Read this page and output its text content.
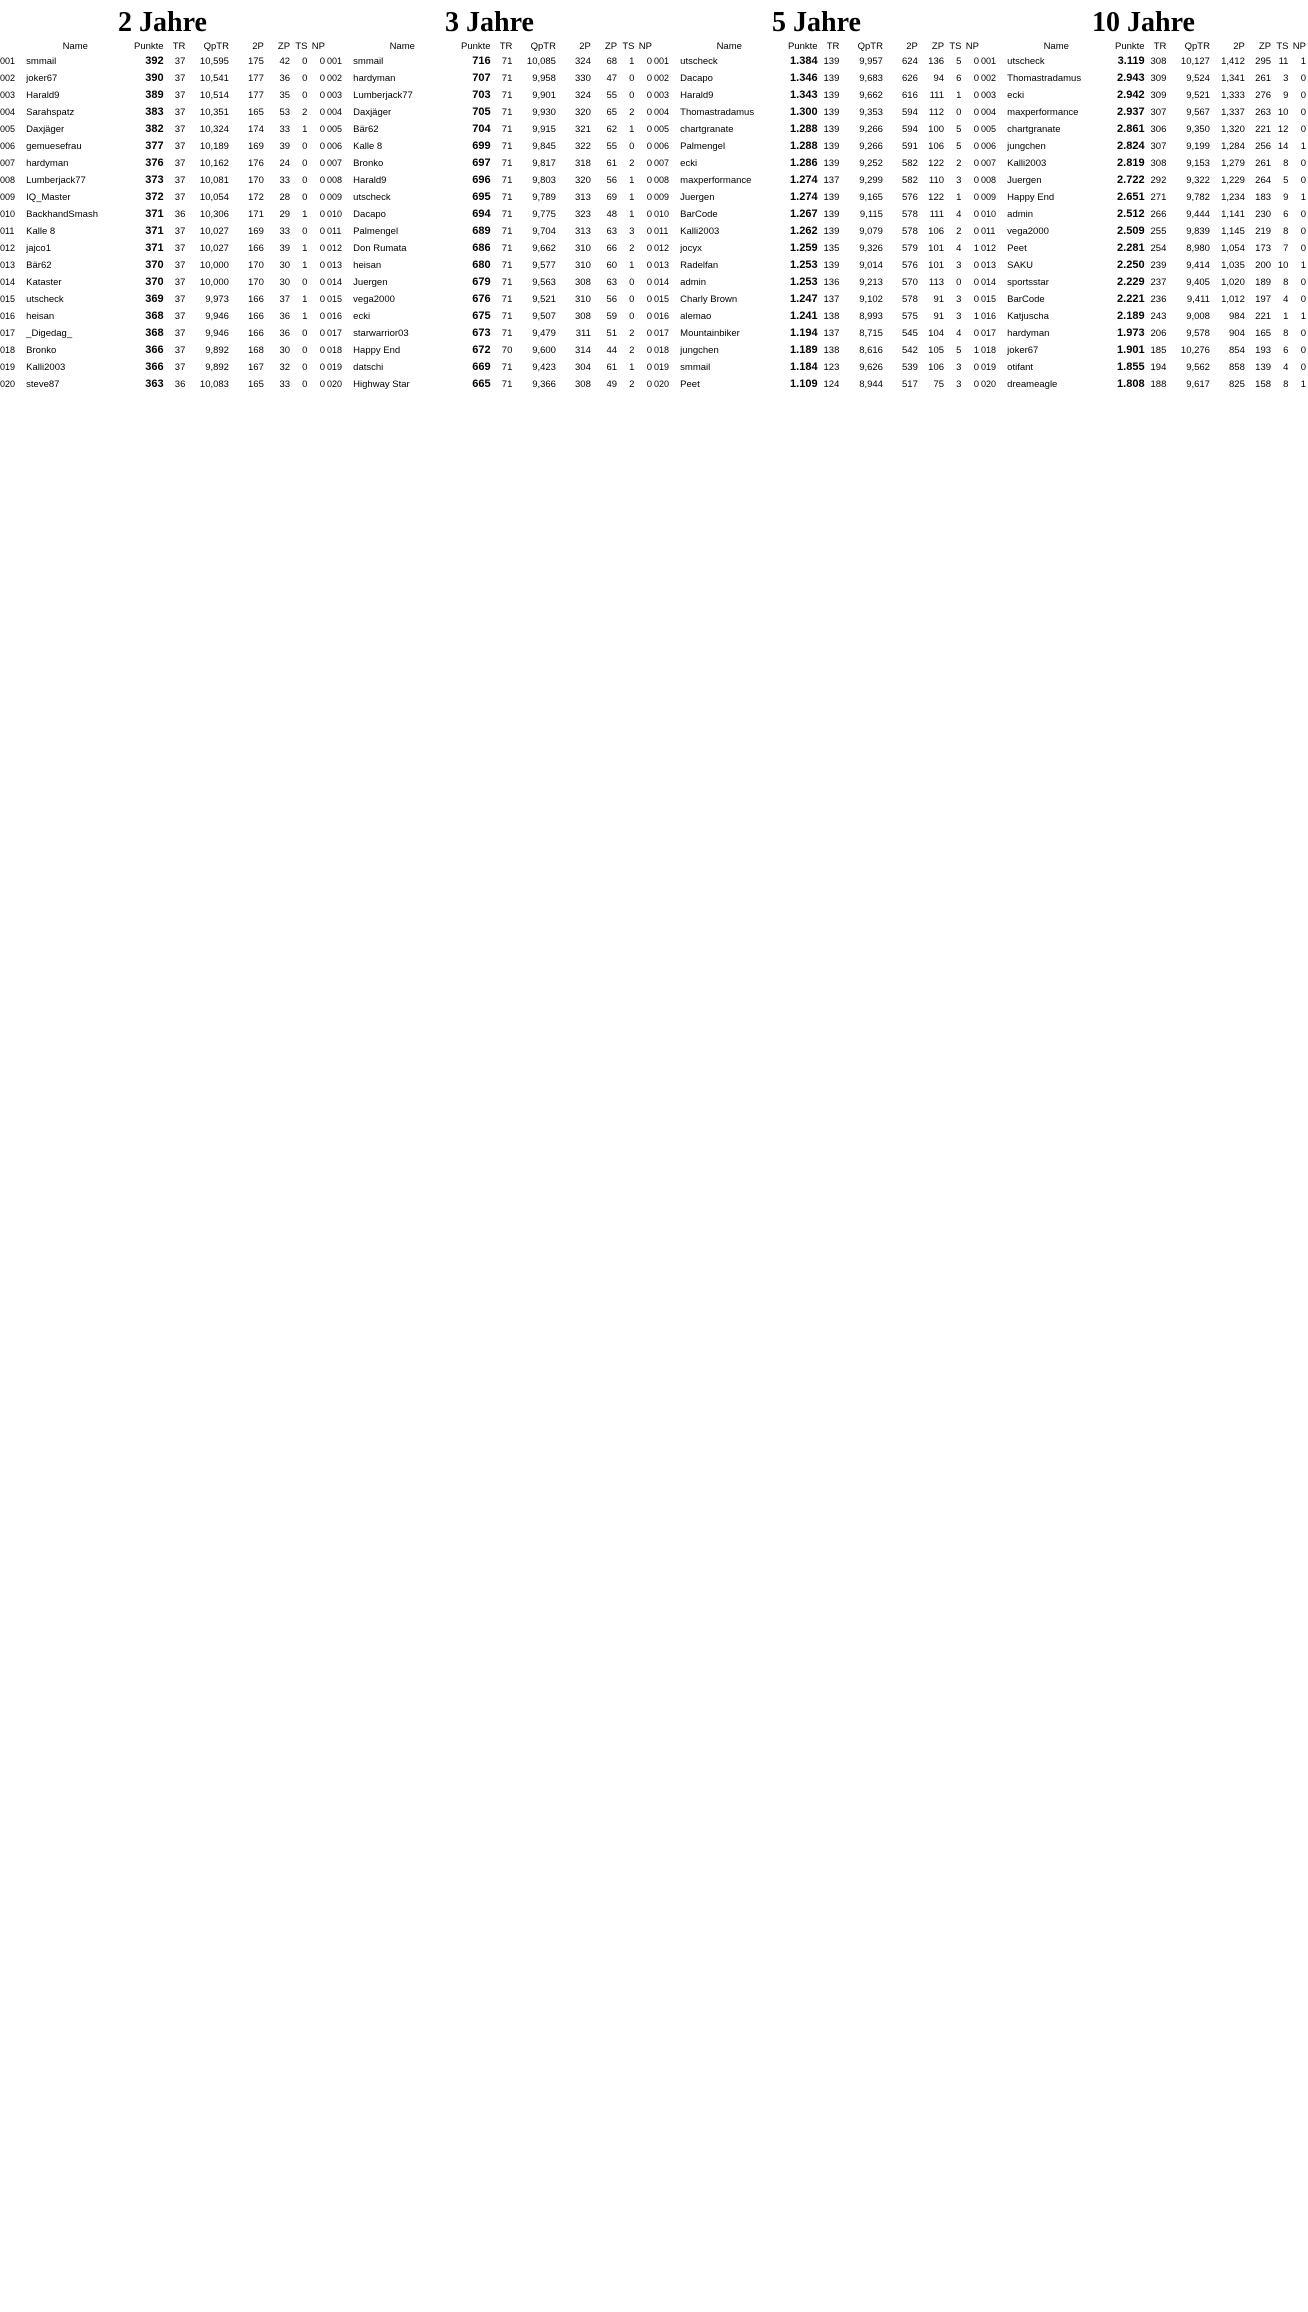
2 Jahre
	Name	Punkte	TR	QpTR	2P	ZP	TS	NP
001	smmail	392	37	10,595	175	42	0	0
002	joker67	390	37	10,541	177	36	0	0
003	Harald9	389	37	10,514	177	35	0	0
004	Sarahspatz	383	37	10,351	165	53	2	0
005	Daxjäger	382	37	10,324	174	33	1	0
006	gemuesefrau	377	37	10,189	169	39	0	0
007	hardyman	376	37	10,162	176	24	0	0
008	Lumberjack77	373	37	10,081	170	33	0	0
009	IQ_Master	372	37	10,054	172	28	0	0
010	BackhandSmash	371	36	10,306	171	29	1	0
011	Kalle 8	371	37	10,027	169	33	0	0
012	jajco1	371	37	10,027	166	39	1	0
013	Bär62	370	37	10,000	170	30	1	0
014	Kataster	370	37	10,000	170	30	0	0
015	utscheck	369	37	9,973	166	37	1	0
016	heisan	368	37	9,946	166	36	1	0
017	_Digedag_	368	37	9,946	166	36	0	0
018	Bronko	366	37	9,892	168	30	0	0
019	Kalli2003	366	37	9,892	167	32	0	0
020	steve87	363	36	10,083	165	33	0	0
3 Jahre
	Name	Punkte	TR	QpTR	2P	ZP	TS	NP
001	smmail	716	71	10,085	324	68	1	0
002	hardyman	707	71	9,958	330	47	0	0
003	Lumberjack77	703	71	9,901	324	55	0	0
004	Daxjäger	705	71	9,930	320	65	2	0
005	Bär62	704	71	9,915	321	62	1	0
006	Kalle 8	699	71	9,845	322	55	0	0
007	Bronko	697	71	9,817	318	61	2	0
008	Harald9	696	71	9,803	320	56	1	0
009	utscheck	695	71	9,789	313	69	1	0
010	Dacapo	694	71	9,775	323	48	1	0
011	Palmengel	689	71	9,704	313	63	3	0
012	Don Rumata	686	71	9,662	310	66	2	0
013	heisan	680	71	9,577	310	60	1	0
014	Juergen	679	71	9,563	308	63	0	0
015	vega2000	676	71	9,521	310	56	0	0
016	ecki	675	71	9,507	308	59	0	0
017	starwarrior03	673	71	9,479	311	51	2	0
018	Happy End	672	70	9,600	314	44	2	0
019	datschi	669	71	9,423	304	61	1	0
020	Highway Star	665	71	9,366	308	49	2	0
5 Jahre
	Name	Punkte	TR	QpTR	2P	ZP	TS	NP
001	utscheck	1.384	139	9,957	624	136	5	0
002	Dacapo	1.346	139	9,683	626	94	6	0
003	Harald9	1.343	139	9,662	616	111	1	0
004	Thomastradamus	1.300	139	9,353	594	112	0	0
005	chartgranate	1.288	139	9,266	594	100	5	0
006	Palmengel	1.288	139	9,266	591	106	5	0
007	ecki	1.286	139	9,252	582	122	2	0
008	maxperformance	1.274	137	9,299	582	110	3	0
009	Juergen	1.274	139	9,165	576	122	1	0
010	BarCode	1.267	139	9,115	578	111	4	0
011	Kalli2003	1.262	139	9,079	578	106	2	0
012	jocyx	1.259	135	9,326	579	101	4	1
013	Radelfan	1.253	139	9,014	576	101	3	0
014	admin	1.253	136	9,213	570	113	0	0
015	Charly Brown	1.247	137	9,102	578	91	3	0
016	alemao	1.241	138	8,993	575	91	3	1
017	Mountainbiker	1.194	137	8,715	545	104	4	0
018	jungchen	1.189	138	8,616	542	105	5	1
019	smmail	1.184	123	9,626	539	106	3	0
020	Peet	1.109	124	8,944	517	75	3	0
10 Jahre
	Name	Punkte	TR	QpTR	2P	ZP	TS	NP
001	utscheck	3.119	308	10,127	1,412	295	11	1
002	Thomastradamus	2.943	309	9,524	1,341	261	3	0
003	ecki	2.942	309	9,521	1,333	276	9	0
004	maxperformance	2.937	307	9,567	1,337	263	10	0
005	chartgranate	2.861	306	9,350	1,320	221	12	0
006	jungchen	2.824	307	9,199	1,284	256	14	1
007	Kalli2003	2.819	308	9,153	1,279	261	8	0
008	Juergen	2.722	292	9,322	1,229	264	5	0
009	Happy End	2.651	271	9,782	1,234	183	9	1
010	admin	2.512	266	9,444	1,141	230	6	0
011	vega2000	2.509	255	9,839	1,145	219	8	0
012	Peet	2.281	254	8,980	1,054	173	7	0
013	SAKU	2.250	239	9,414	1,035	200	10	1
014	sportsstar	2.229	237	9,405	1,020	189	8	0
015	BarCode	2.221	236	9,411	1,012	197	4	0
016	Katjuscha	2.189	243	9,008	984	221	1	1
017	hardyman	1.973	206	9,578	904	165	8	0
018	joker67	1.901	185	10,276	854	193	6	0
019	otifant	1.855	194	9,562	858	139	4	0
020	dreameagle	1.808	188	9,617	825	158	8	1
